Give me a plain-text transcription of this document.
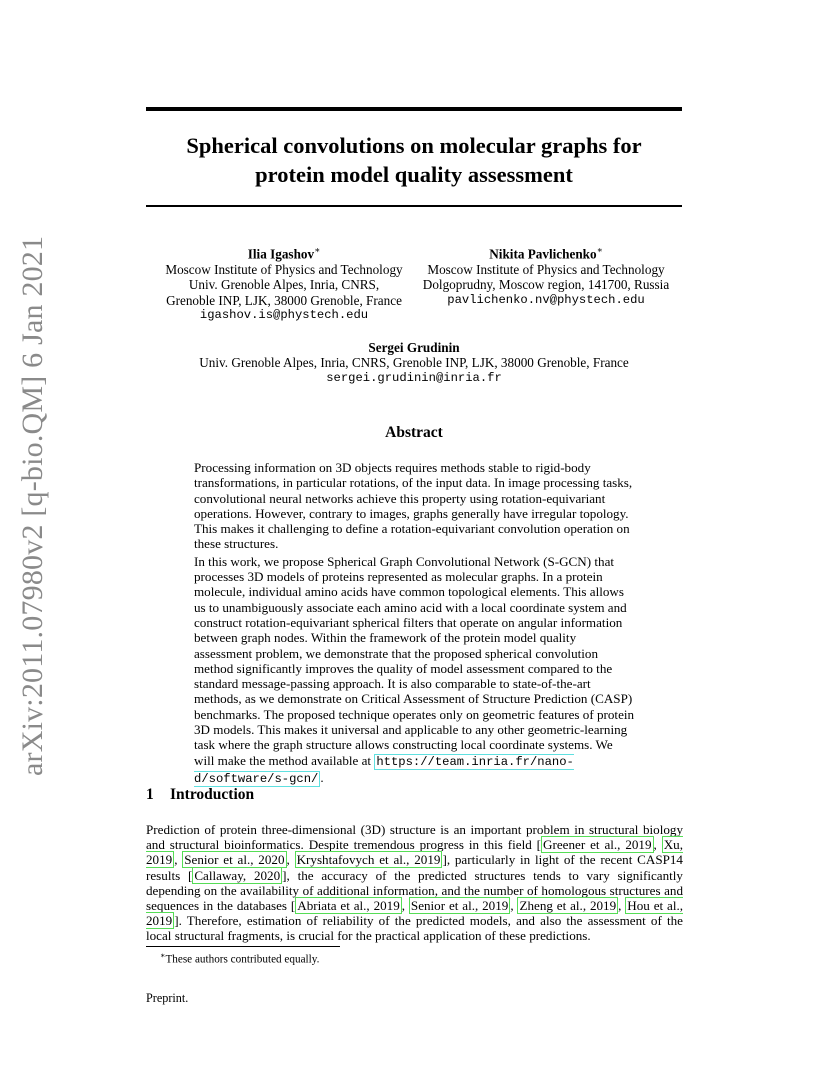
arXiv:2011.07980v2 [q-bio.QM] 6 Jan 2021
Spherical convolutions on molecular graphs for
protein model quality assessment
Ilia Igashov∗
Moscow Institute of Physics and Technology
Univ. Grenoble Alpes, Inria, CNRS,
Grenoble INP, LJK, 38000 Grenoble, France
igashov.is@phystech.edu
Nikita Pavlichenko∗
Moscow Institute of Physics and Technology
Dolgoprudny, Moscow region, 141700, Russia
pavlichenko.nv@phystech.edu
Sergei Grudinin
Univ. Grenoble Alpes, Inria, CNRS, Grenoble INP, LJK, 38000 Grenoble, France
sergei.grudinin@inria.fr
Abstract

Processing information on 3D objects requires methods stable to rigid-body transformations, in particular rotations, of the input data. In image processing tasks, convolutional neural networks achieve this property using rotation-equivariant operations. However, contrary to images, graphs generally have irregular topology. This makes it challenging to define a rotation-equivariant convolution operation on these structures.

In this work, we propose Spherical Graph Convolutional Network (S-GCN) that processes 3D models of proteins represented as molecular graphs. In a protein molecule, individual amino acids have common topological elements. This allows us to unambiguously associate each amino acid with a local coordinate system and construct rotation-equivariant spherical filters that operate on angular information between graph nodes. Within the framework of the protein model quality assessment problem, we demonstrate that the proposed spherical convolution method significantly improves the quality of model assessment compared to the standard message-passing approach. It is also comparable to state-of-the-art methods, as we demonstrate on Critical Assessment of Structure Prediction (CASP) benchmarks. The proposed technique operates only on geometric features of protein 3D models. This makes it universal and applicable to any other geometric-learning task where the graph structure allows constructing local coordinate systems. We will make the method available at https://team.inria.fr/nano-d/software/s-gcn/ .

1 Introduction

Prediction of protein three-dimensional (3D) structure is an important problem in structural biology and structural bioinformatics. Despite tremendous progress in this field [ Greener et al., 2019 , Xu, 2019 , Senior et al., 2020 , Kryshtafovych et al., 2019 ], particularly in light of the recent CASP14 results [ Callaway, 2020 ], the accuracy of the predicted structures tends to vary significantly depending on the availability of additional information, and the number of homologous structures and sequences in the databases [ Abriata et al., 2019 , Senior et al., 2019 , Zheng et al., 2019 , Hou et al., 2019 ]. Therefore, estimation of reliability of the predicted models, and also the assessment of the local structural fragments, is crucial for the practical application of these predictions.

∗These authors contributed equally.
Preprint.
